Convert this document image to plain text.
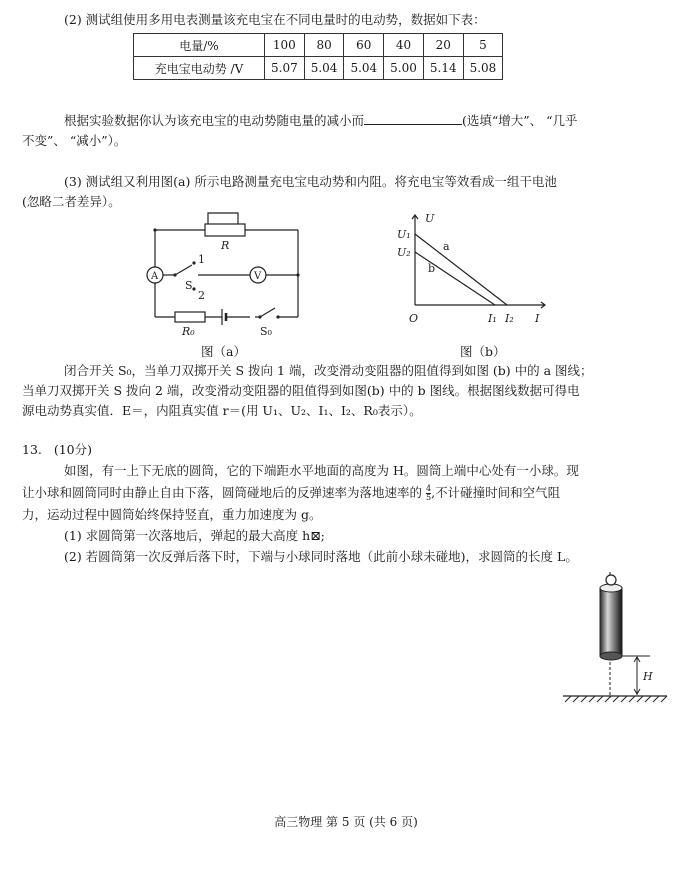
(2) 测试组使用多用电表测量该充电宝在不同电量时的电动势，数据如下表：
电量/%	100	80	60	40	20	5
充电宝电动势 /V	5.07	5.04	5.04	5.00	5.14	5.08
根据实验数据你认为该充电宝的电动势随电量的减小而	(选填“增大”、 “几乎
不变”、 “减小”）。
(3) 测试组又利用图(a) 所示电路测量充电宝电动势和内阻。将充电宝等效看成一组干电池
(忽略二者差异）。
R
1
2
S
A	V
R₀	S₀
图（a）
U
U₁
U₂	a
b
O	I₁ I₂ I
图（b）
闭合开关 S₀，当单刀双掷开关 S 拨向 1 端，改变滑动变阻器的阻值得到如图 (b) 中的 a 图线；
当单刀双掷开关 S 拨向 2 端，改变滑动变阻器的阻值得到如图(b) 中的 b 图线。根据图线数据可得电
源电动势真实值．E＝，内阻真实值 r＝(用 U₁、U₂、I₁、I₂、R₀表示）。
13. (10分)
如图，有一上下无底的圆筒，它的下端距水平地面的高度为 H。圆筒上端中心处有一小球。现
让小球和圆筒同时由静止自由下落，圆筒碰地后的反弹速率为落地速率的 $\frac{4}{5}$ ,不计碰撞时间和空气阻
力，运动过程中圆筒始终保持竖直，重力加速度为 g。
(1) 求圆筒第一次落地后，弹起的最大高度 h⊠;
(2) 若圆筒第一次反弹后落下时，下端与小球同时落地（此前小球未碰地)，求圆筒的长度 L。
H
高三物理 第 5 页 (共 6 页)
